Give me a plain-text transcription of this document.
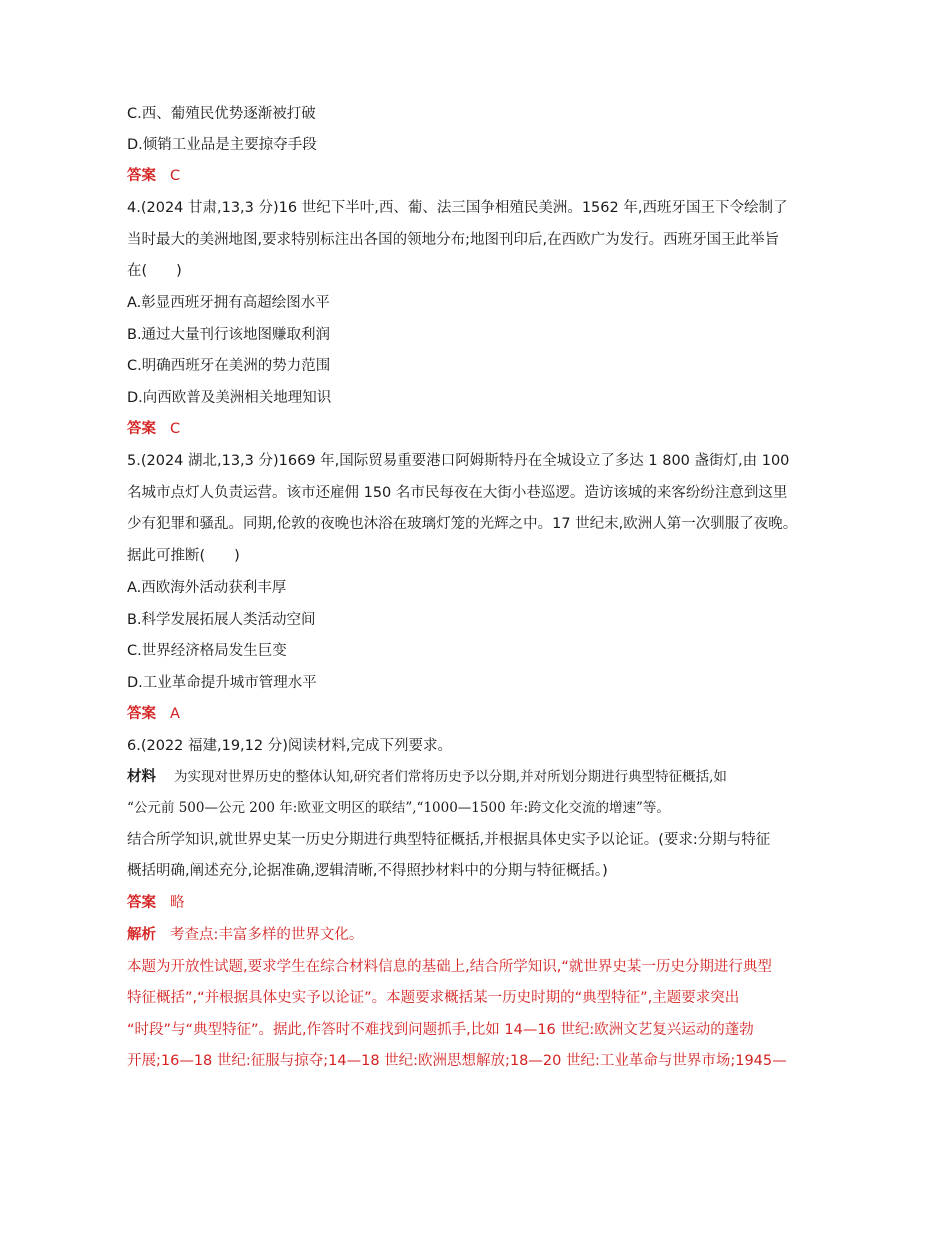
C.西、葡殖民优势逐渐被打破
D.倾销工业品是主要掠夺手段
答案 C
4.(2024 甘肃,13,3 分)16 世纪下半叶,西、葡、法三国争相殖民美洲。1562 年,西班牙国王下令绘制了
当时最大的美洲地图,要求特别标注出各国的领地分布;地图刊印后,在西欧广为发行。西班牙国王此举旨
在(　　)
A.彰显西班牙拥有高超绘图水平
B.通过大量刊行该地图赚取利润
C.明确西班牙在美洲的势力范围
D.向西欧普及美洲相关地理知识
答案 C
5.(2024 湖北,13,3 分)1669 年,国际贸易重要港口阿姆斯特丹在全城设立了多达 1 800 盏街灯,由 100
名城市点灯人负责运营。该市还雇佣 150 名市民每夜在大街小巷巡逻。造访该城的来客纷纷注意到这里
少有犯罪和骚乱。同期,伦敦的夜晚也沐浴在玻璃灯笼的光辉之中。17 世纪末,欧洲人第一次驯服了夜晚。
据此可推断(　　)
A.西欧海外活动获利丰厚
B.科学发展拓展人类活动空间
C.世界经济格局发生巨变
D.工业革命提升城市管理水平
答案 A
6.(2022 福建,19,12 分)阅读材料,完成下列要求。
材料 为实现对世界历史的整体认知,研究者们常将历史予以分期,并对所划分期进行典型特征概括,如
“公元前 500—公元 200 年:欧亚文明区的联结”,“1000—1500 年:跨文化交流的增速”等。
结合所学知识,就世界史某一历史分期进行典型特征概括,并根据具体史实予以论证。(要求:分期与特征
概括明确,阐述充分,论据准确,逻辑清晰,不得照抄材料中的分期与特征概括。)
答案 略
解析 考查点:丰富多样的世界文化。
本题为开放性试题,要求学生在综合材料信息的基础上,结合所学知识,“就世界史某一历史分期进行典型
特征概括”,“并根据具体史实予以论证”。本题要求概括某一历史时期的“典型特征”,主题要求突出
“时段”与“典型特征”。据此,作答时不难找到问题抓手,比如 14—16 世纪:欧洲文艺复兴运动的蓬勃
开展;16—18 世纪:征服与掠夺;14—18 世纪:欧洲思想解放;18—20 世纪:工业革命与世界市场;1945—
